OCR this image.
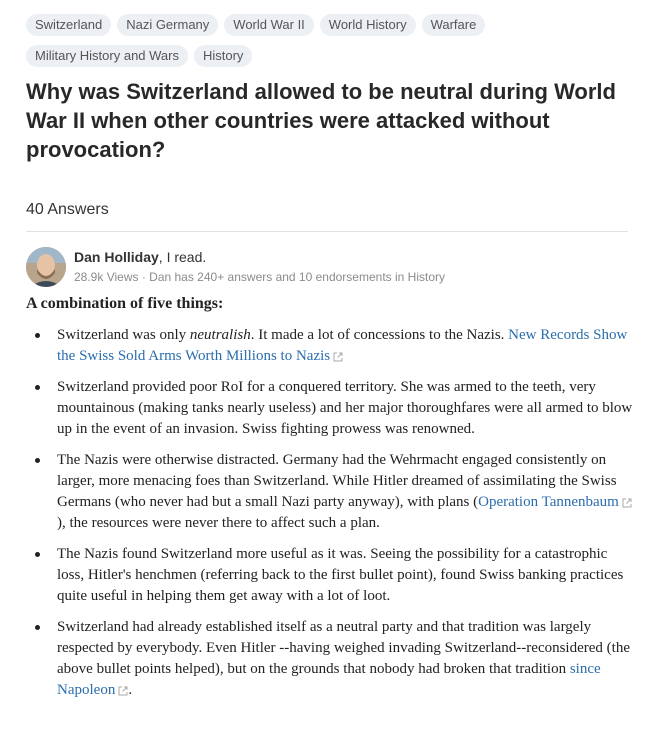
Switzerland	Nazi Germany	World War II	World History	Warfare
Military History and Wars	History
Why was Switzerland allowed to be neutral during World War II when other countries were attacked without provocation?
40 Answers
Dan Holliday, I read.
28.9k Views · Dan has 240+ answers and 10 endorsements in History

A combination of five things:

Switzerland was only neutralish. It made a lot of concessions to the Nazis. New Records Show the Swiss Sold Arms Worth Millions to Nazis
Switzerland provided poor RoI for a conquered territory. She was armed to the teeth, very mountainous (making tanks nearly useless) and her major thoroughfares were all armed to blow up in the event of an invasion. Swiss fighting prowess was renowned.
The Nazis were otherwise distracted. Germany had the Wehrmacht engaged consistently on larger, more menacing foes than Switzerland. While Hitler dreamed of assimilating the Swiss Germans (who never had but a small Nazi party anyway), with plans (Operation Tannenbaum), the resources were never there to affect such a plan.
The Nazis found Switzerland more useful as it was. Seeing the possibility for a catastrophic loss, Hitler's henchmen (referring back to the first bullet point), found Swiss banking practices quite useful in helping them get away with a lot of loot.
Switzerland had already established itself as a neutral party and that tradition was largely respected by everybody. Even Hitler --having weighed invading Switzerland--reconsidered (the above bullet points helped), but on the grounds that nobody had broken that tradition since Napoleon .
